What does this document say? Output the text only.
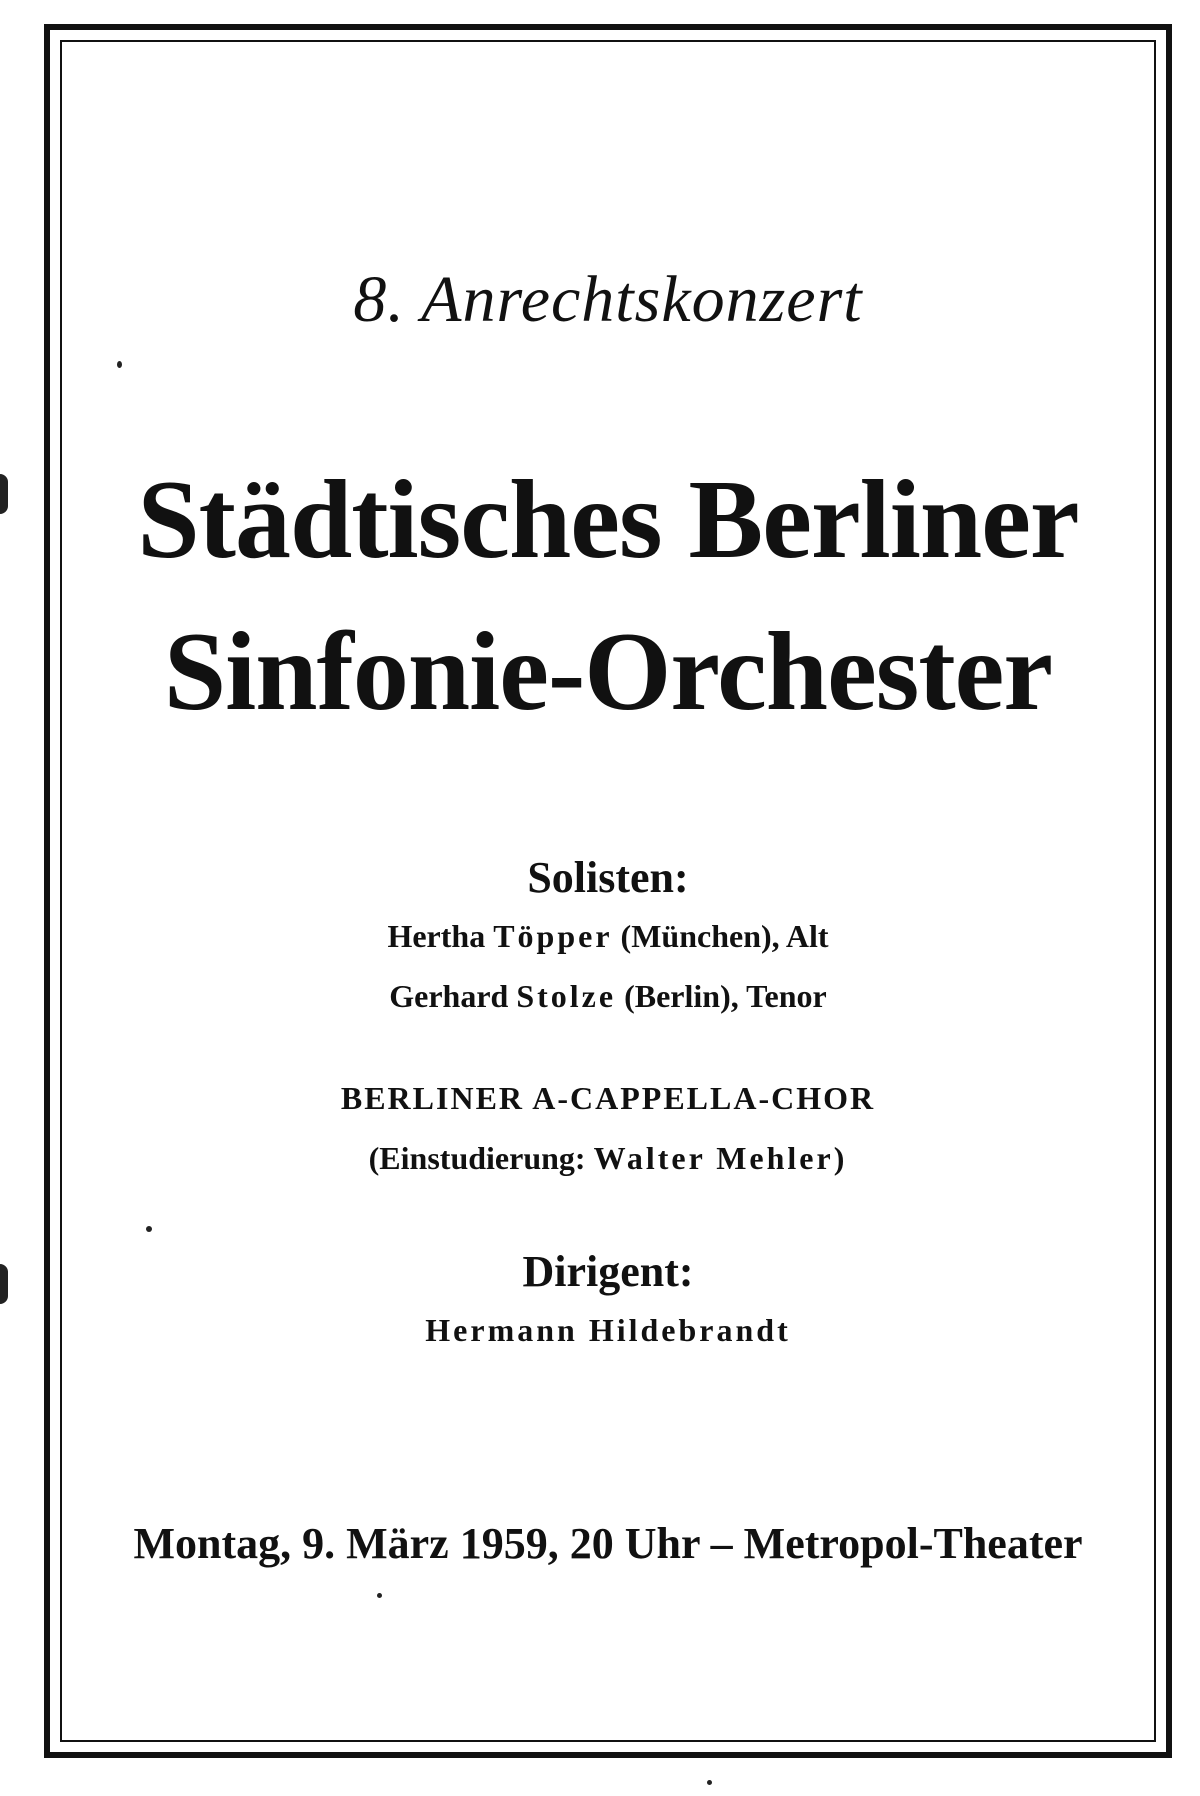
8. Anrechtskonzert
Städtisches Berliner
Sinfonie-Orchester
Solisten:
Hertha Töpper (München), Alt
Gerhard Stolze (Berlin), Tenor
BERLINER A-CAPPELLA-CHOR
(Einstudierung: Walter Mehler)
Dirigent:
Hermann Hildebrandt
Montag, 9. März 1959, 20 Uhr – Metropol-Theater
